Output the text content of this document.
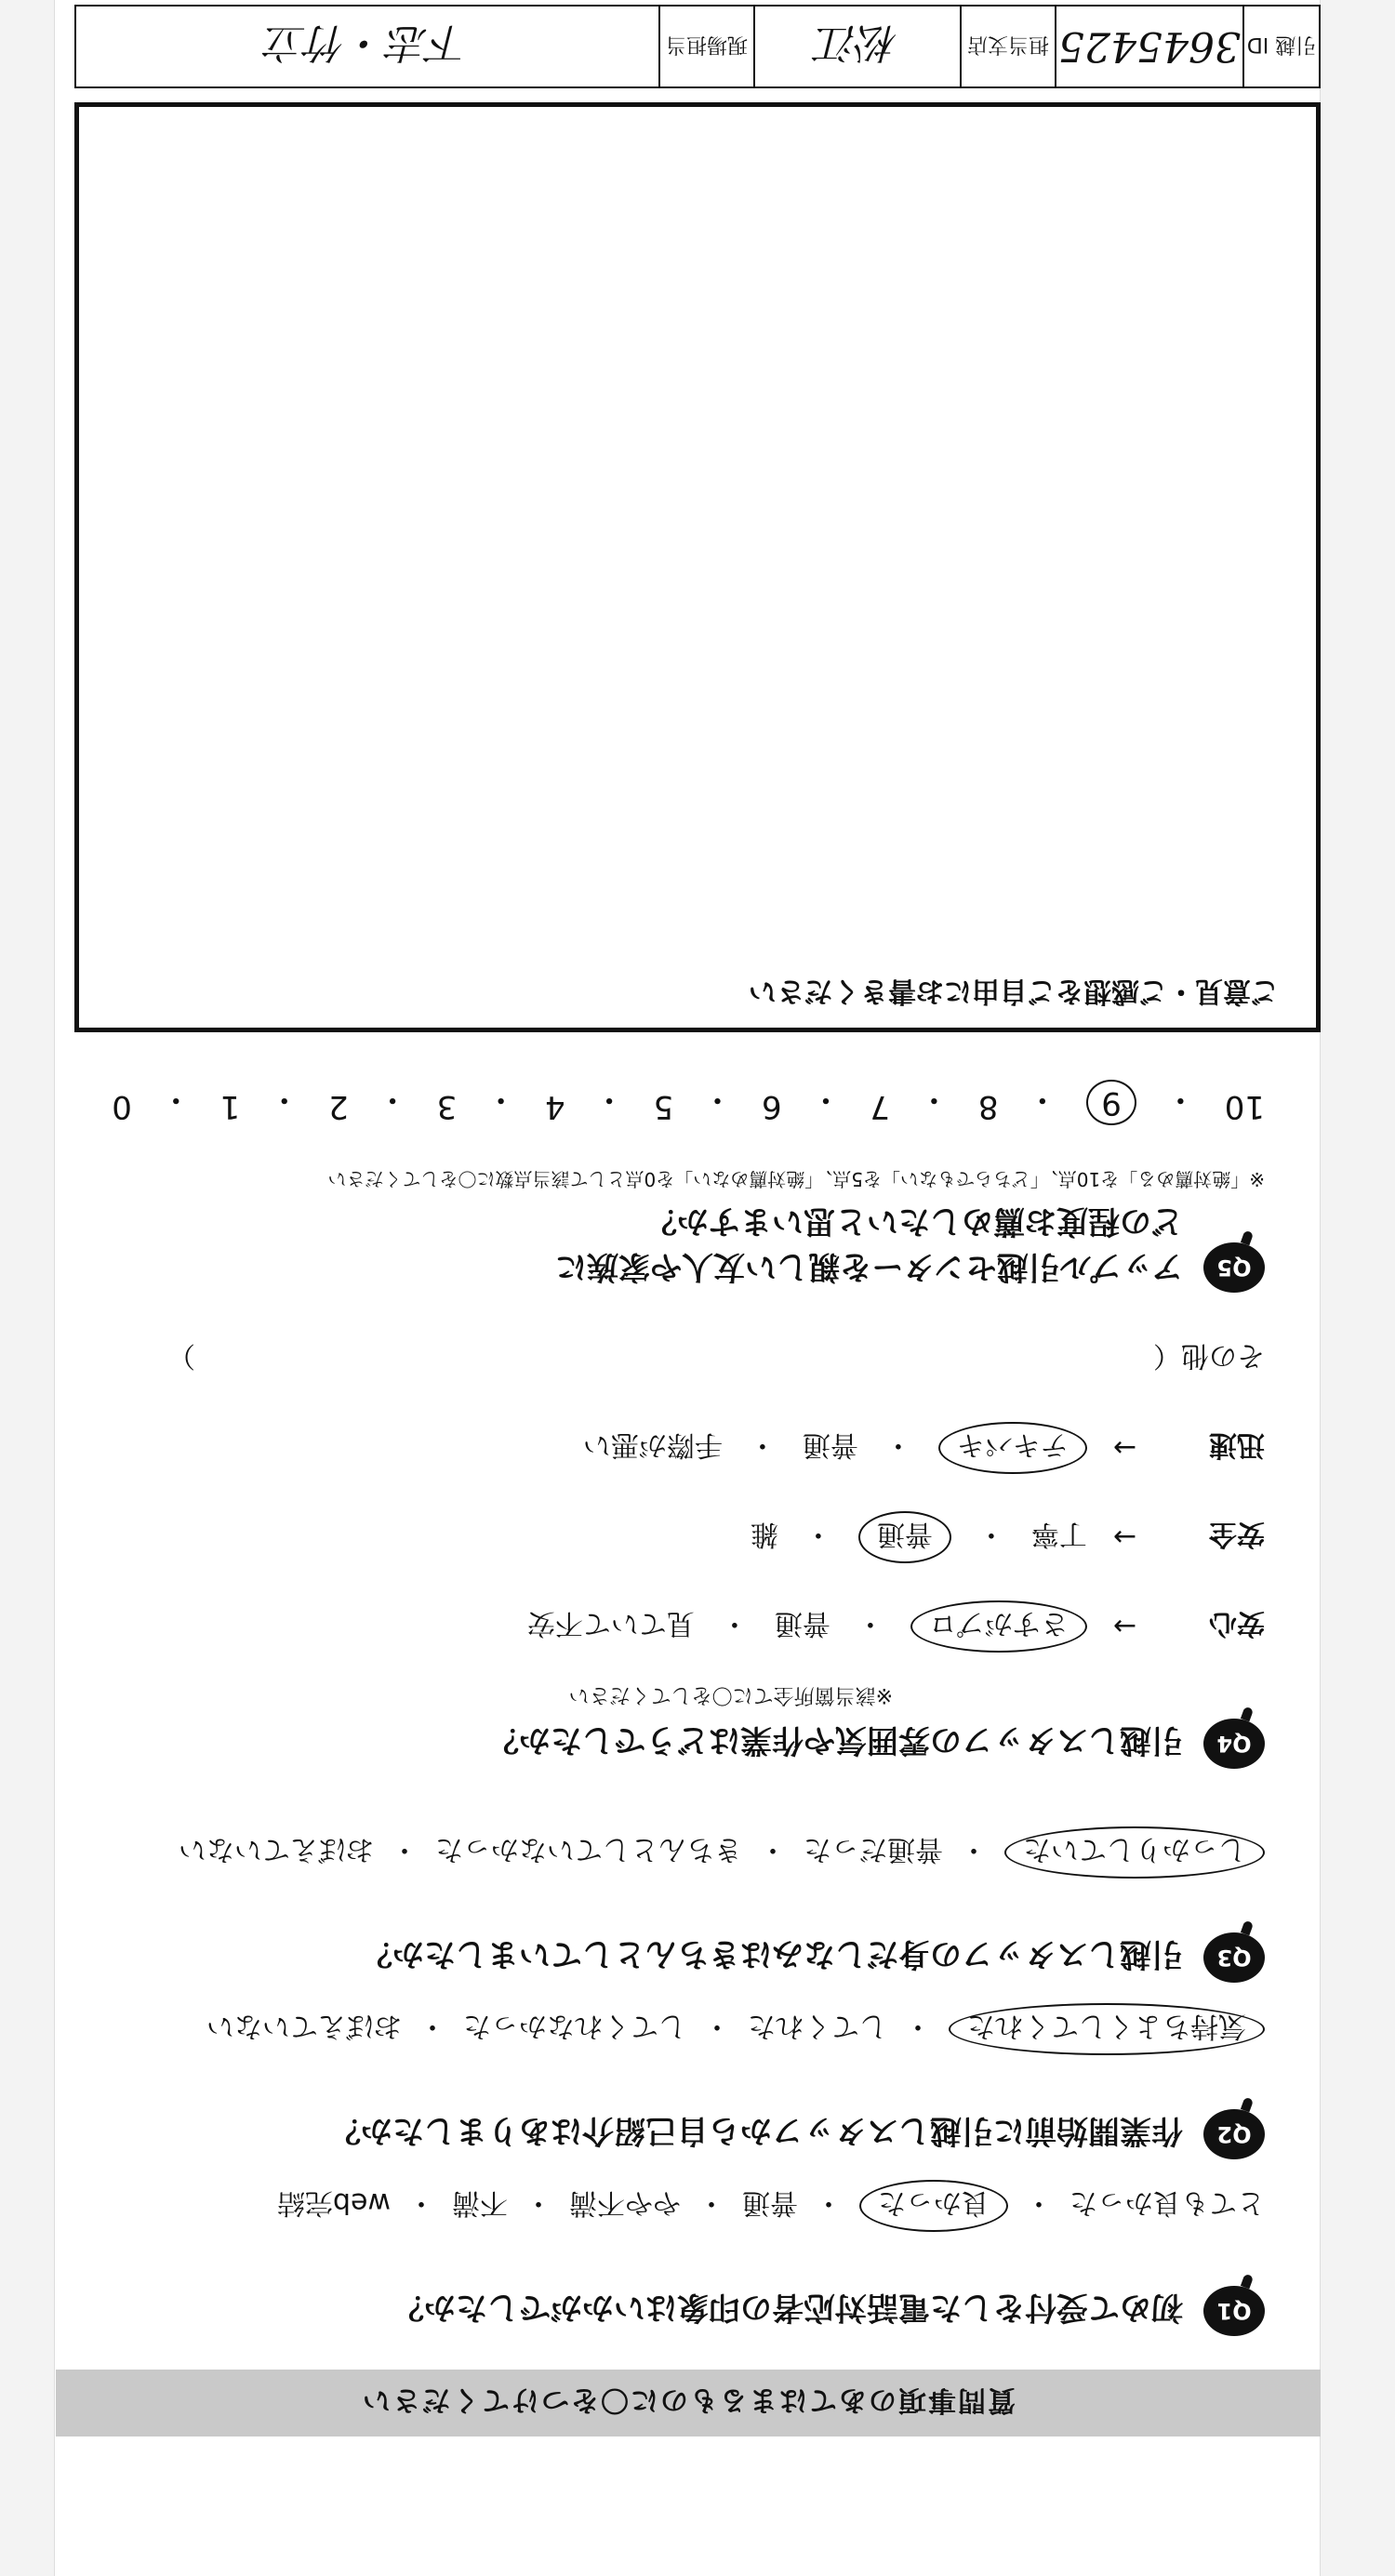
質問事項のあてはまるものに〇をつけてください
Q1
初めて受付をした電話対応者の印象はいかがでしたか？
とても良かった
・
良かった
・
普通
・
やや不満
・
不満
・
web完結
Q2
作業開始前に引越しスタッフから自己紹介はありましたか？
気持ちよくしてくれた
・
してくれた
・
してくれなかった
・
おぼえていない
Q3
引越しスタッフの身だしなみはきちんとしていましたか？
しっかりしていた
・
普通だった
・
きちんとしていなかった
・
おぼえていない
Q4
引越しスタッフの雰囲気や作業はどうでしたか？
※該当箇所全てに〇をしてください
安心
→
さすがプロ
・
普通
・
見ていて不安
安全
→
丁寧
・
普通
・
雑
迅速
→
テキパキ
・
普通
・
手際が悪い
その他（
）
Q5
アップル引越センターを親しい友人や家族に
どの程度お薦めしたいと思いますか？
※「絶対薦める」を10点、「どちらでもない」を5点、「絶対薦めない」を0点として該当点数に〇をしてください
10
・
9
・
8
・
7
・
6
・
5
・
4
・
3
・
2
・
1
・
0
ご意見・ご感想をご自由にお書きください
引越 ID
3645425
担当支店
松江
現場担当
下志・竹立
